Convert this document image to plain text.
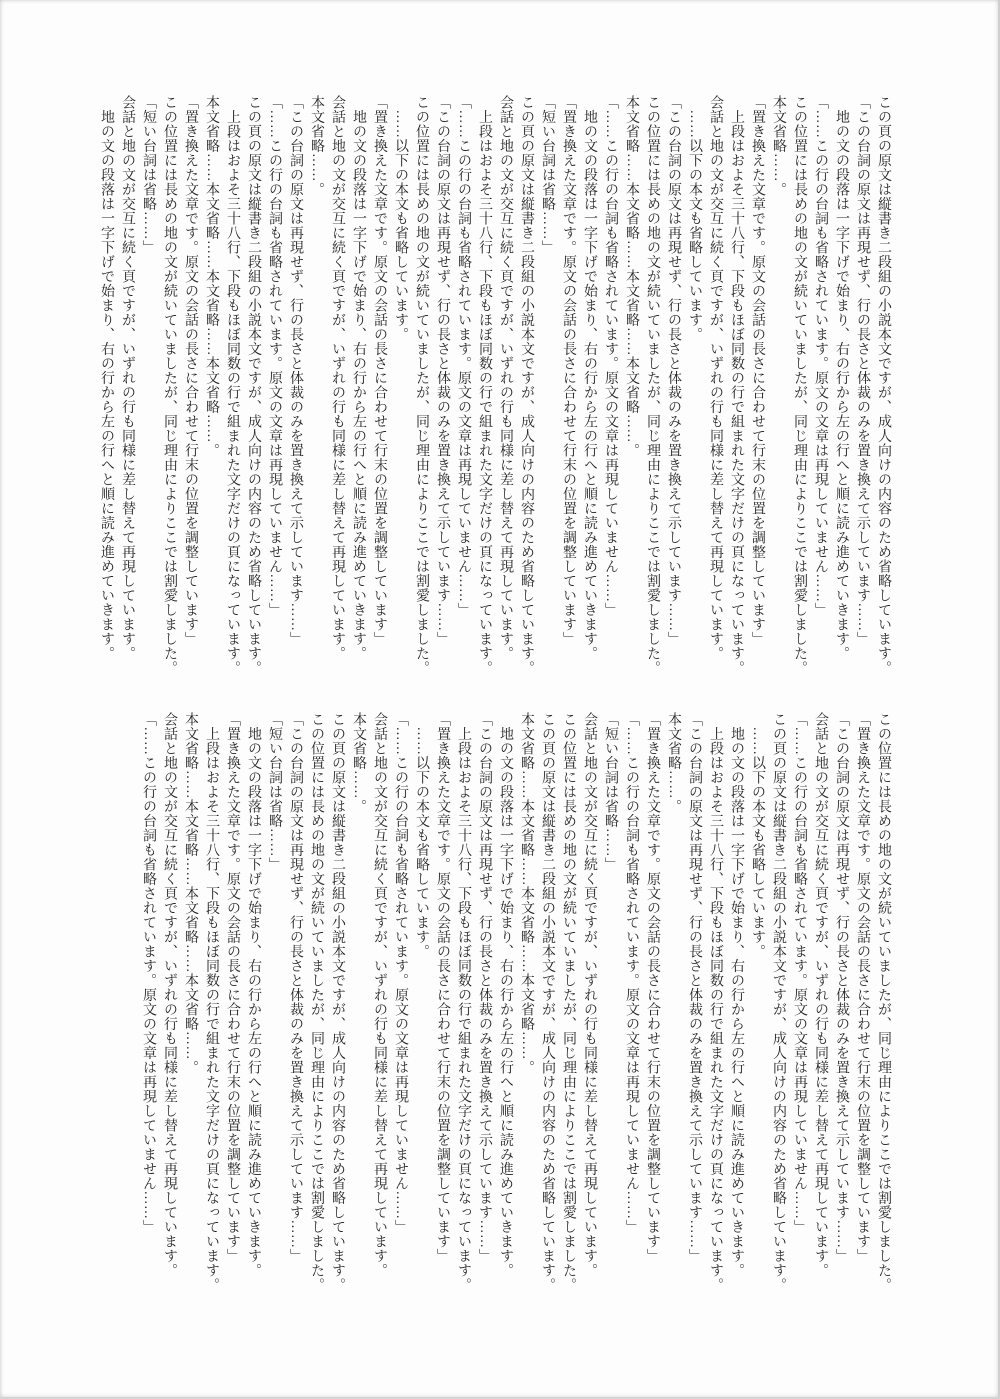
この頁の原文は縦書き二段組の小説本文ですが、成人向けの内容のため省略しています。

「この台詞の原文は再現せず、行の長さと体裁のみを置き換えて示しています……」

　地の文の段落は一字下げで始まり、右の行から左の行へと順に読み進めていきます。

「……この行の台詞も省略されています。原文の文章は再現していません……」

この位置には長めの地の文が続いていましたが、同じ理由によりここでは割愛しました。

本文省略……。

「置き換えた文章です。原文の会話の長さに合わせて行末の位置を調整しています」

　上段はおよそ三十八行、下段もほぼ同数の行で組まれた文字だけの頁になっています。

会話と地の文が交互に続く頁ですが、いずれの行も同様に差し替えて再現しています。

　……以下の本文も省略しています。

「この台詞の原文は再現せず、行の長さと体裁のみを置き換えて示しています……」

この位置には長めの地の文が続いていましたが、同じ理由によりここでは割愛しました。

本文省略……本文省略……本文省略……本文省略……。

「……この行の台詞も省略されています。原文の文章は再現していません……」

　地の文の段落は一字下げで始まり、右の行から左の行へと順に読み進めていきます。

「置き換えた文章です。原文の会話の長さに合わせて行末の位置を調整しています」

「短い台詞は省略……」

この頁の原文は縦書き二段組の小説本文ですが、成人向けの内容のため省略しています。

会話と地の文が交互に続く頁ですが、いずれの行も同様に差し替えて再現しています。

　上段はおよそ三十八行、下段もほぼ同数の行で組まれた文字だけの頁になっています。

「……この行の台詞も省略されています。原文の文章は再現していません……」

「この台詞の原文は再現せず、行の長さと体裁のみを置き換えて示しています……」

この位置には長めの地の文が続いていましたが、同じ理由によりここでは割愛しました。

　……以下の本文も省略しています。

「置き換えた文章です。原文の会話の長さに合わせて行末の位置を調整しています」

　地の文の段落は一字下げで始まり、右の行から左の行へと順に読み進めていきます。

会話と地の文が交互に続く頁ですが、いずれの行も同様に差し替えて再現しています。

本文省略……。

「この台詞の原文は再現せず、行の長さと体裁のみを置き換えて示しています……」

「……この行の台詞も省略されています。原文の文章は再現していません……」

この頁の原文は縦書き二段組の小説本文ですが、成人向けの内容のため省略しています。

　上段はおよそ三十八行、下段もほぼ同数の行で組まれた文字だけの頁になっています。

本文省略……本文省略……本文省略……本文省略……。

「置き換えた文章です。原文の会話の長さに合わせて行末の位置を調整しています」

この位置には長めの地の文が続いていましたが、同じ理由によりここでは割愛しました。

「短い台詞は省略……」

会話と地の文が交互に続く頁ですが、いずれの行も同様に差し替えて再現しています。

　地の文の段落は一字下げで始まり、右の行から左の行へと順に読み進めていきます。

この位置には長めの地の文が続いていましたが、同じ理由によりここでは割愛しました。

「置き換えた文章です。原文の会話の長さに合わせて行末の位置を調整しています」

「この台詞の原文は再現せず、行の長さと体裁のみを置き換えて示しています……」

会話と地の文が交互に続く頁ですが、いずれの行も同様に差し替えて再現しています。

「……この行の台詞も省略されています。原文の文章は再現していません……」

この頁の原文は縦書き二段組の小説本文ですが、成人向けの内容のため省略しています。

　……以下の本文も省略しています。

　地の文の段落は一字下げで始まり、右の行から左の行へと順に読み進めていきます。

　上段はおよそ三十八行、下段もほぼ同数の行で組まれた文字だけの頁になっています。

「この台詞の原文は再現せず、行の長さと体裁のみを置き換えて示しています……」

本文省略……。

「置き換えた文章です。原文の会話の長さに合わせて行末の位置を調整しています」

「……この行の台詞も省略されています。原文の文章は再現していません……」

「短い台詞は省略……」

会話と地の文が交互に続く頁ですが、いずれの行も同様に差し替えて再現しています。

この位置には長めの地の文が続いていましたが、同じ理由によりここでは割愛しました。

この頁の原文は縦書き二段組の小説本文ですが、成人向けの内容のため省略しています。

本文省略……本文省略……本文省略……本文省略……。

　地の文の段落は一字下げで始まり、右の行から左の行へと順に読み進めていきます。

「この台詞の原文は再現せず、行の長さと体裁のみを置き換えて示しています……」

　上段はおよそ三十八行、下段もほぼ同数の行で組まれた文字だけの頁になっています。

「置き換えた文章です。原文の会話の長さに合わせて行末の位置を調整しています」

　……以下の本文も省略しています。

「……この行の台詞も省略されています。原文の文章は再現していません……」

会話と地の文が交互に続く頁ですが、いずれの行も同様に差し替えて再現しています。

本文省略……。

この頁の原文は縦書き二段組の小説本文ですが、成人向けの内容のため省略しています。

この位置には長めの地の文が続いていましたが、同じ理由によりここでは割愛しました。

「この台詞の原文は再現せず、行の長さと体裁のみを置き換えて示しています……」

「短い台詞は省略……」

　地の文の段落は一字下げで始まり、右の行から左の行へと順に読み進めていきます。

「置き換えた文章です。原文の会話の長さに合わせて行末の位置を調整しています」

　上段はおよそ三十八行、下段もほぼ同数の行で組まれた文字だけの頁になっています。

本文省略……本文省略……本文省略……本文省略……。

会話と地の文が交互に続く頁ですが、いずれの行も同様に差し替えて再現しています。

「……この行の台詞も省略されています。原文の文章は再現していません……」
